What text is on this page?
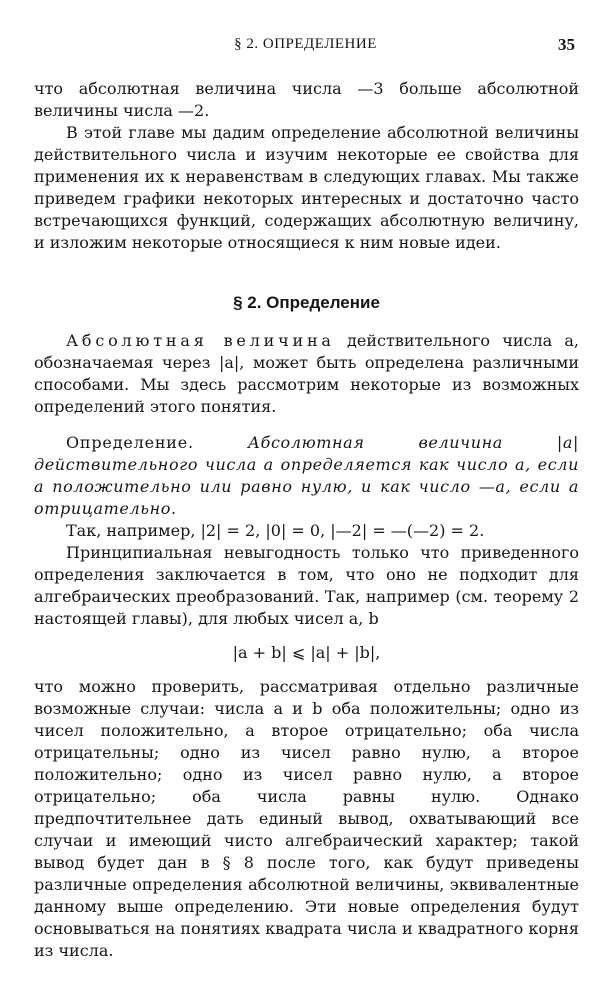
§ 2. ОПРЕДЕЛЕНИЕ	35

что абсолютная величина числа —3 больше абсолютной величины числа —2.

В этой главе мы дадим определение абсолютной величины действительного числа и изучим некоторые ее свойства для применения их к неравенствам в следующих главах. Мы также приведем графики некоторых интересных и достаточно часто встречающихся функций, содержащих абсолютную величину, и изложим некоторые относящиеся к ним новые идеи.

§ 2. Определение

Абсолютная величина действительного числа a, обозначаемая через |a|, может быть определена различными способами. Мы здесь рассмотрим некоторые из возможных определений этого понятия.

Определение. Абсолютная величина |a| действительного числа a определяется как число a, если a положительно или равно нулю, и как число —a, если a отрицательно.

Так, например, |2| = 2, |0| = 0, |—2| = —(—2) = 2.

Принципиальная невыгодность только что приведенного определения заключается в том, что оно не подходит для алгебраических преобразований. Так, например (см. теорему 2 настоящей главы), для любых чисел a, b

|a + b| ⩽ |a| + |b|,

что можно проверить, рассматривая отдельно различные возможные случаи: числа a и b оба положительны; одно из чисел положительно, а второе отрицательно; оба числа отрицательны; одно из чисел равно нулю, а второе положительно; одно из чисел равно нулю, а второе отрицательно; оба числа равны нулю. Однако предпочтительнее дать единый вывод, охватывающий все случаи и имеющий чисто алгебраический характер; такой вывод будет дан в § 8 после того, как будут приведены различные определения абсолютной величины, эквивалентные данному выше определению. Эти новые определения будут основываться на понятиях квадрата числа и квадратного корня из числа.
